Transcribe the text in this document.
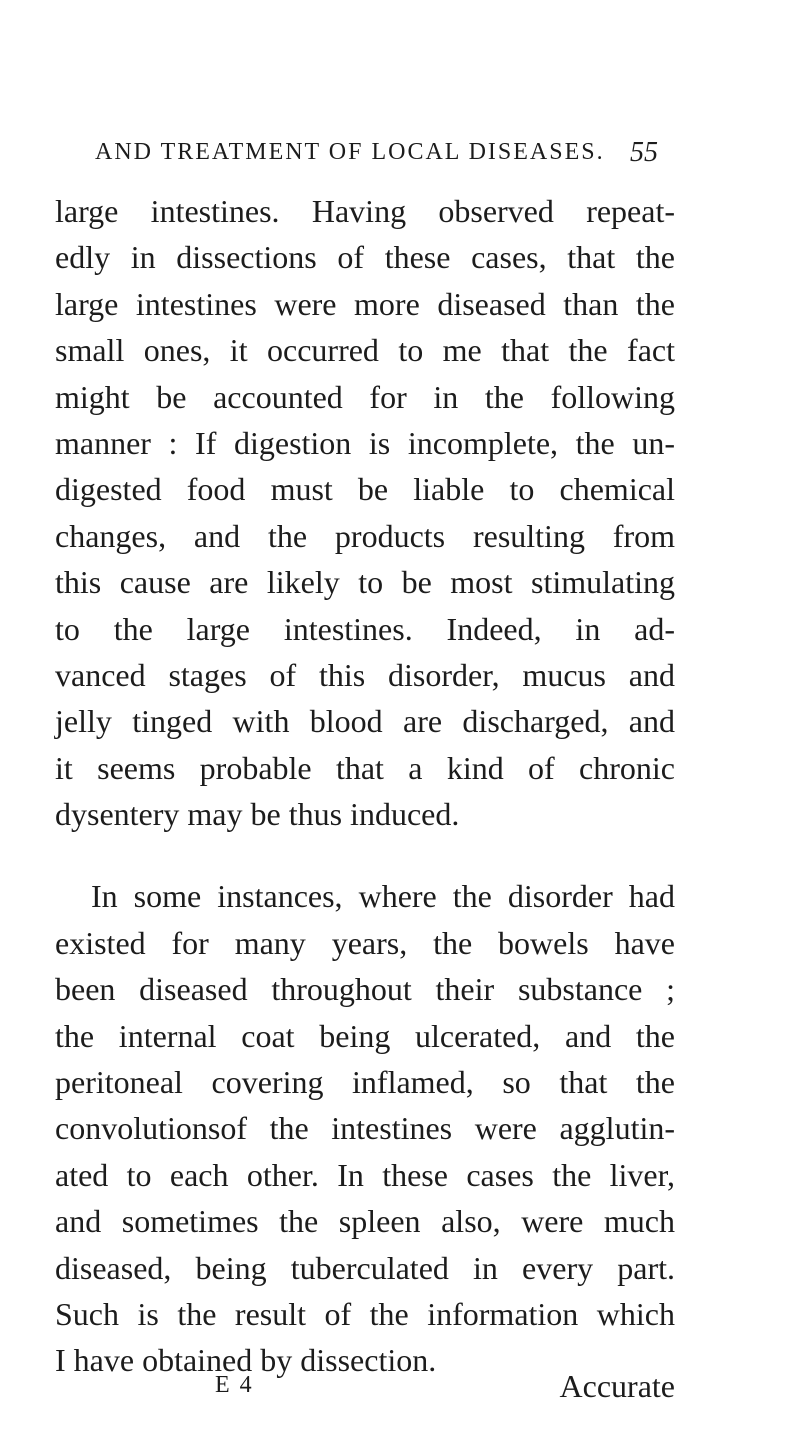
AND TREATMENT OF LOCAL DISEASES. 55
large intestines. Having observed repeat-
edly in dissections of these cases, that the
large intestines were more diseased than the
small ones, it occurred to me that the fact
might be accounted for in the following
manner : If digestion is incomplete, the un-
digested food must be liable to chemical
changes, and the products resulting from
this cause are likely to be most stimulating
to the large intestines. Indeed, in ad-
vanced stages of this disorder, mucus and
jelly tinged with blood are discharged, and
it seems probable that a kind of chronic
dysentery may be thus induced.
In some instances, where the disorder had
existed for many years, the bowels have
been diseased throughout their substance ;
the internal coat being ulcerated, and the
peritoneal covering inflamed, so that the
convolutionsof the intestines were agglutin-
ated to each other. In these cases the liver,
and sometimes the spleen also, were much
diseased, being tuberculated in every part.
Such is the result of the information which
I have obtained by dissection.
E 4	Accurate
